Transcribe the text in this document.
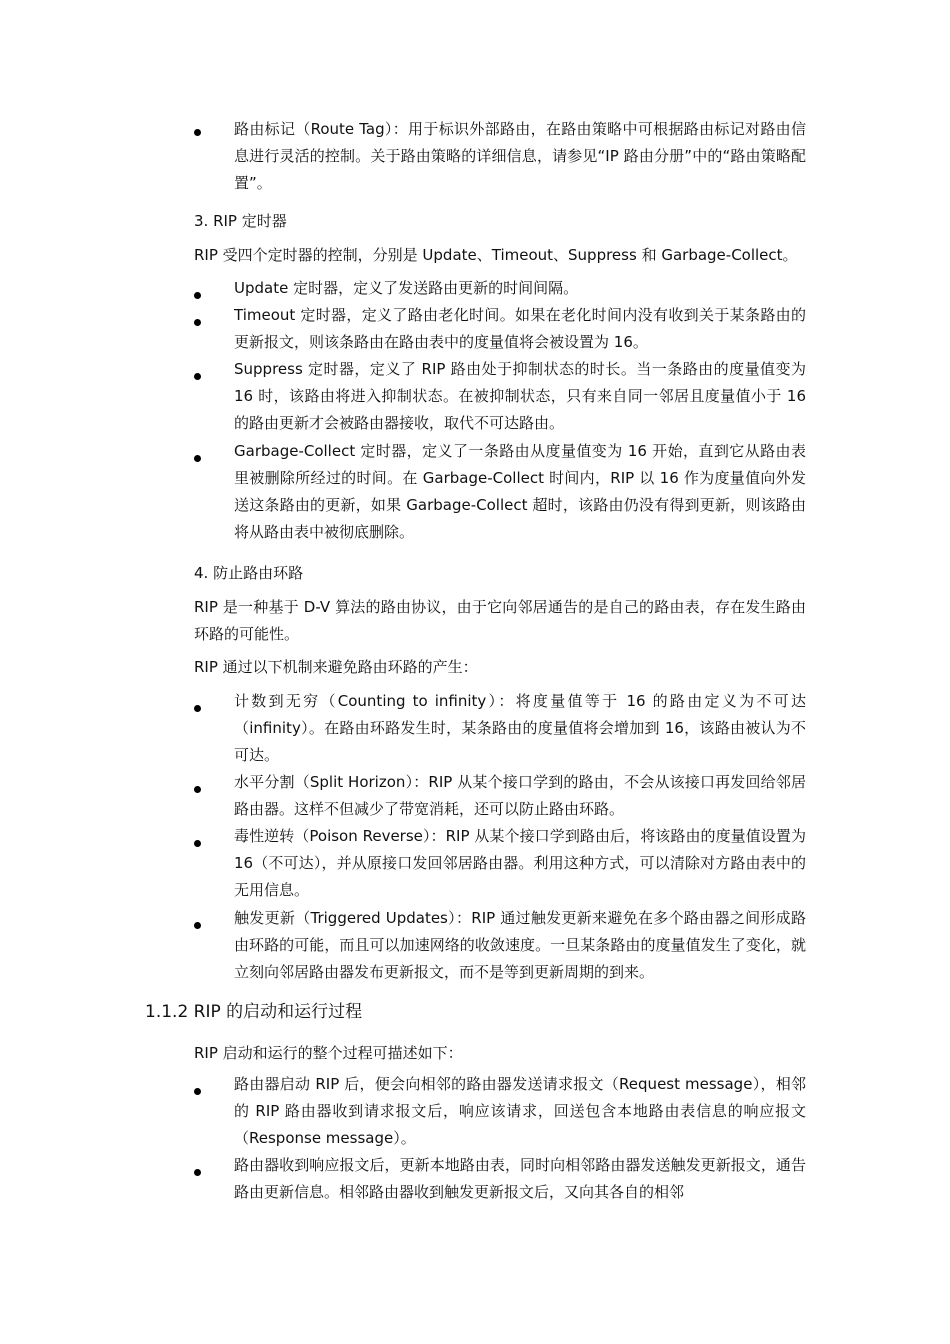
路由标记（Route Tag）：用于标识外部路由，在路由策略中可根据路由标记对路由信息进行灵活的控制。关于路由策略的详细信息，请参见“IP 路由分册”中的“路由策略配置”。
3. RIP 定时器
RIP 受四个定时器的控制，分别是 Update、Timeout、Suppress 和 Garbage-Collect。
Update 定时器，定义了发送路由更新的时间间隔。
Timeout 定时器，定义了路由老化时间。如果在老化时间内没有收到关于某条路由的更新报文，则该条路由在路由表中的度量值将会被设置为 16。
Suppress 定时器，定义了 RIP 路由处于抑制状态的时长。当一条路由的度量值变为 16 时，该路由将进入抑制状态。在被抑制状态，只有来自同一邻居且度量值小于 16 的路由更新才会被路由器接收，取代不可达路由。
Garbage-Collect 定时器，定义了一条路由从度量值变为 16 开始，直到它从路由表里被删除所经过的时间。在 Garbage-Collect 时间内，RIP 以 16 作为度量值向外发送这条路由的更新，如果 Garbage-Collect 超时，该路由仍没有得到更新，则该路由将从路由表中被彻底删除。
4. 防止路由环路
RIP 是一种基于 D-V 算法的路由协议，由于它向邻居通告的是自己的路由表，存在发生路由环路的可能性。
RIP 通过以下机制来避免路由环路的产生：
计数到无穷（Counting to infinity）：将度量值等于 16 的路由定义为不可达（infinity）。在路由环路发生时，某条路由的度量值将会增加到 16，该路由被认为不可达。
水平分割（Split Horizon）：RIP 从某个接口学到的路由，不会从该接口再发回给邻居路由器。这样不但减少了带宽消耗，还可以防止路由环路。
毒性逆转（Poison Reverse）：RIP 从某个接口学到路由后，将该路由的度量值设置为 16（不可达），并从原接口发回邻居路由器。利用这种方式，可以清除对方路由表中的无用信息。
触发更新（Triggered Updates）：RIP 通过触发更新来避免在多个路由器之间形成路由环路的可能，而且可以加速网络的收敛速度。一旦某条路由的度量值发生了变化，就立刻向邻居路由器发布更新报文，而不是等到更新周期的到来。
1.1.2 RIP 的启动和运行过程
RIP 启动和运行的整个过程可描述如下：
路由器启动 RIP 后，便会向相邻的路由器发送请求报文（Request message），相邻的 RIP 路由器收到请求报文后，响应该请求，回送包含本地路由表信息的响应报文（Response message）。
路由器收到响应报文后，更新本地路由表，同时向相邻路由器发送触发更新报文，通告路由更新信息。相邻路由器收到触发更新报文后，又向其各自的相邻
